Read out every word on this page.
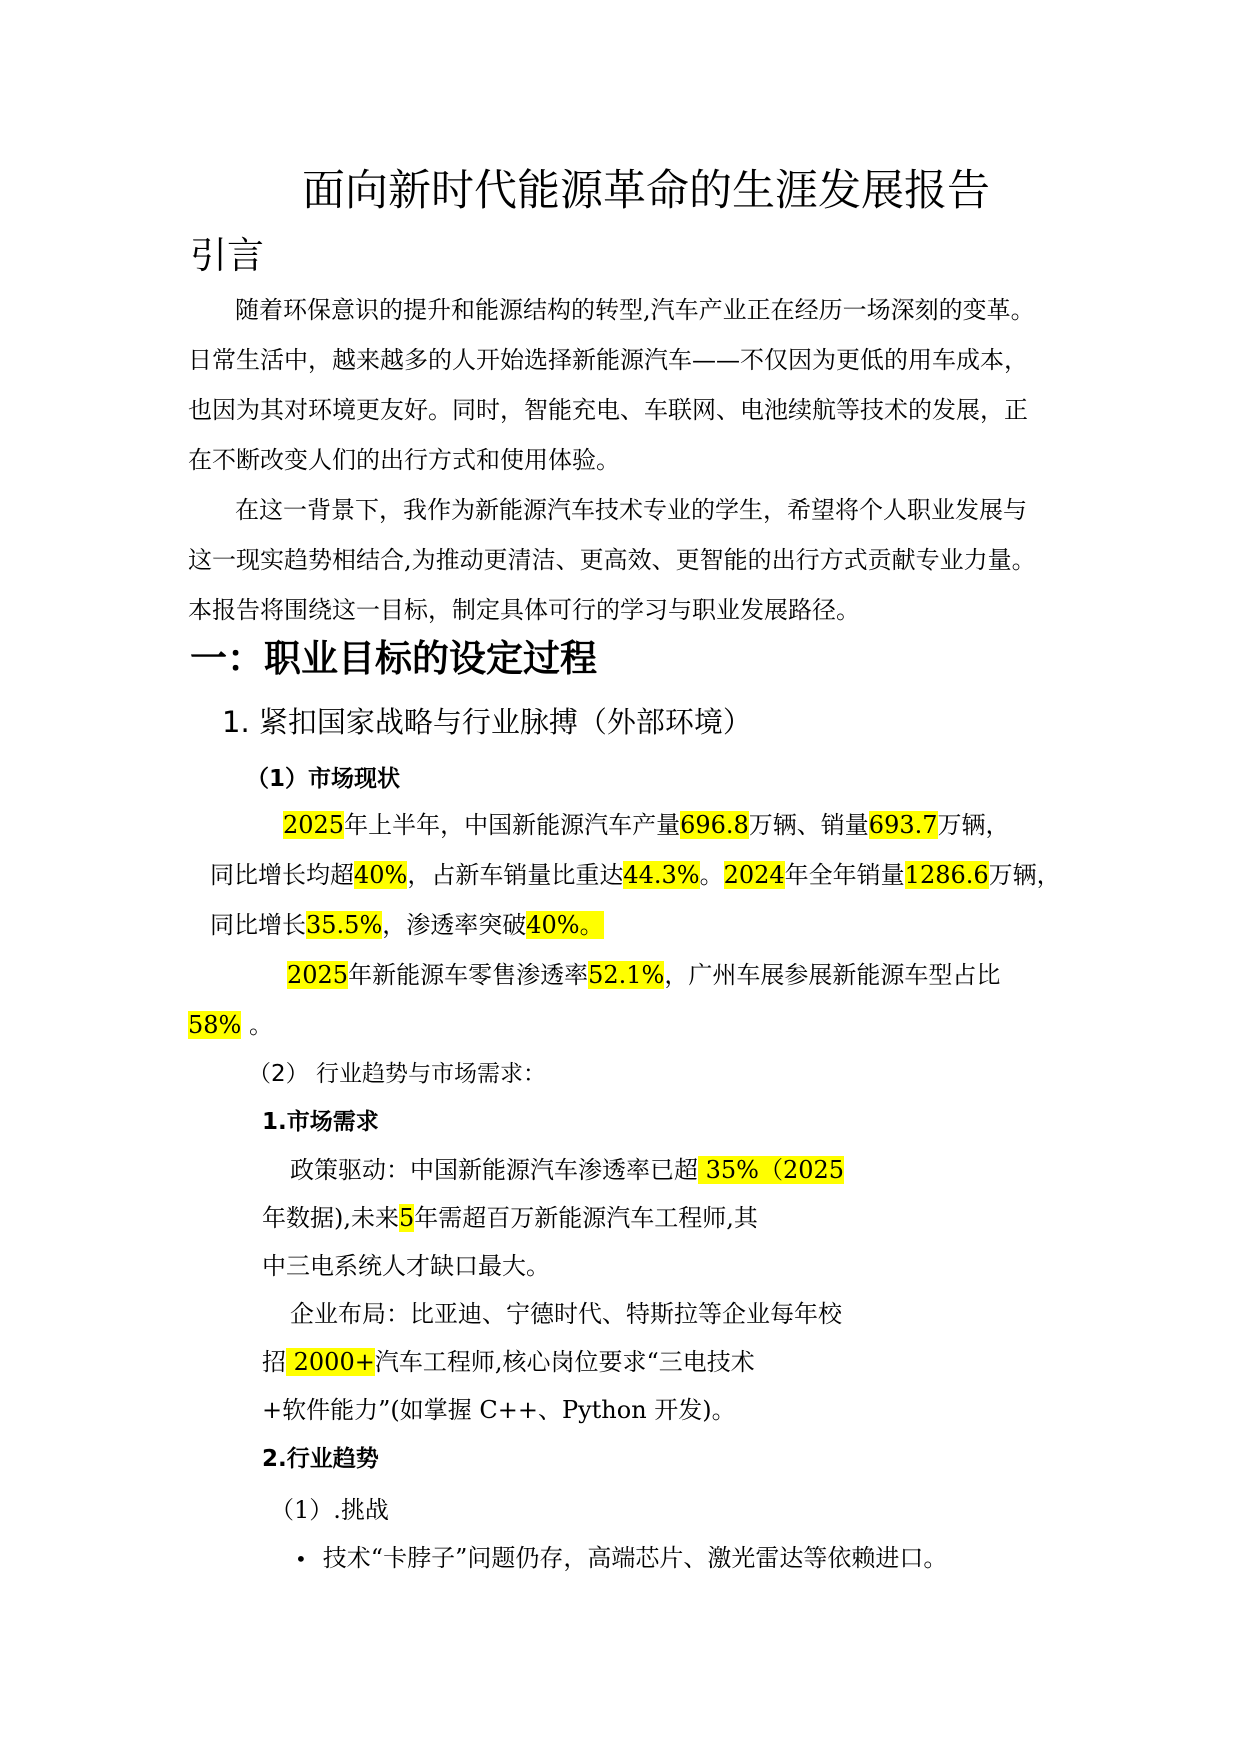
面向新时代能源革命的生涯发展报告
引言
随着环保意识的提升和能源结构的转型,汽车产业正在经历一场深刻的变革。
日常生活中，越来越多的人开始选择新能源汽车——不仅因为更低的用车成本，
也因为其对环境更友好。同时，智能充电、车联网、电池续航等技术的发展，正
在不断改变人们的出行方式和使用体验。
在这一背景下，我作为新能源汽车技术专业的学生，希望将个人职业发展与
这一现实趋势相结合,为推动更清洁、更高效、更智能的出行方式贡献专业力量。
本报告将围绕这一目标，制定具体可行的学习与职业发展路径。
一：职业目标的设定过程
1. 紧扣国家战略与行业脉搏（外部环境）
（1）市场现状
2025年上半年，中国新能源汽车产量696.8万辆、销量693.7万辆，
同比增长均超40%，占新车销量比重达44.3%。2024年全年销量1286.6万辆，
同比增长35.5%，渗透率突破40%。
2025年新能源车零售渗透率52.1%，广州车展参展新能源车型占比
58% 。
（2） 行业趋势与市场需求：
1.市场需求
政策驱动：中国新能源汽车渗透率已超 35%（2025
年数据),未来5年需超百万新能源汽车工程师,其
中三电系统人才缺口最大。
企业布局：比亚迪、宁德时代、特斯拉等企业每年校
招 2000+汽车工程师,核心岗位要求“三电技术
+软件能力”(如掌握 C++、Python 开发)。
2.行业趋势
（1）.挑战
• 技术“卡脖子”问题仍存，高端芯片、激光雷达等依赖进口。
